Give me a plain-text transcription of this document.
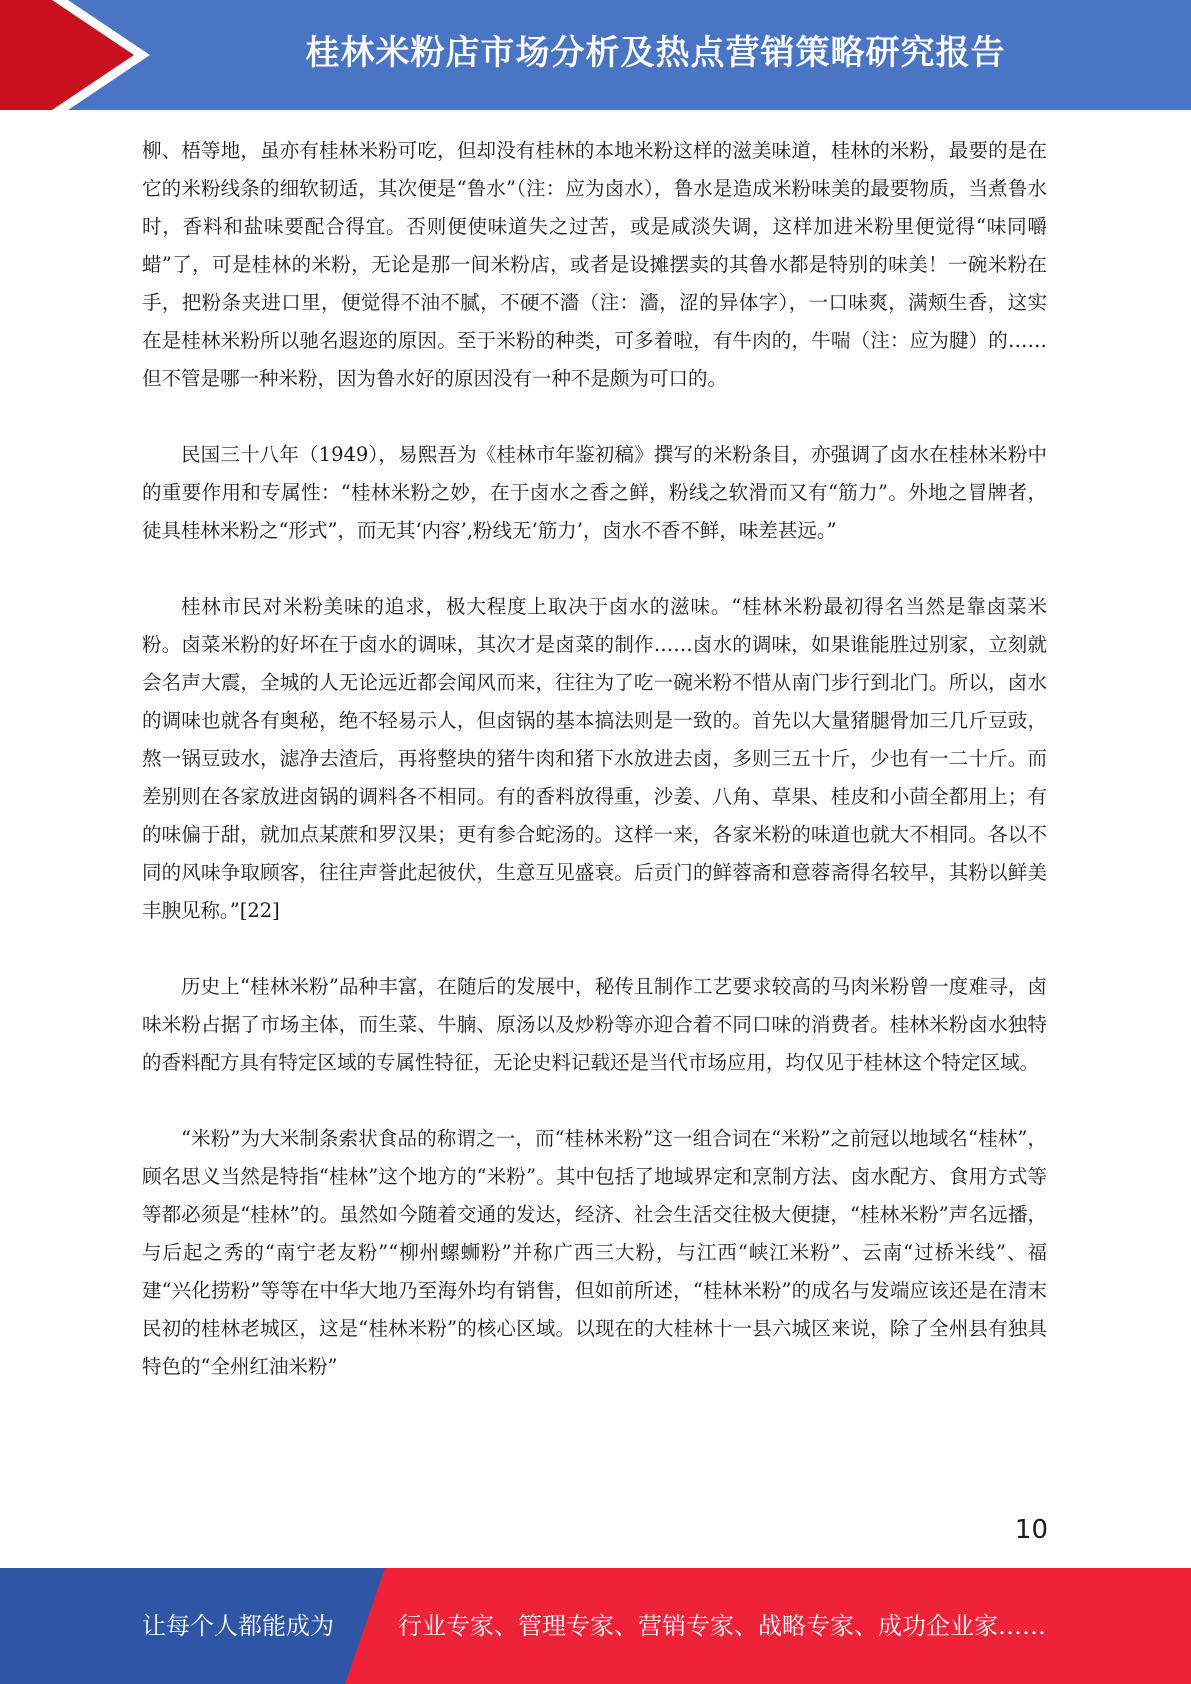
桂林米粉店市场分析及热点营销策略研究报告

柳、梧等地，虽亦有桂林米粉可吃，但却没有桂林的本地米粉这样的滋美味道，桂林的米粉，最要的是在它的米粉线条的细软韧适，其次便是“鲁水”（注：应为卤水），鲁水是造成米粉味美的最要物质，当煮鲁水时，香料和盐味要配合得宜。否则便使味道失之过苦，或是咸淡失调，这样加进米粉里便觉得“味同嚼蜡”了，可是桂林的米粉，无论是那一间米粉店，或者是设摊摆卖的其鲁水都是特别的味美！一碗米粉在手，把粉条夹进口里，便觉得不油不腻，不硬不濇（注：濇，涩的异体字），一口味爽，满颊生香，这实在是桂林米粉所以驰名遐迩的原因。至于米粉的种类，可多着啦，有牛肉的，牛喘（注：应为腱）的……但不管是哪一种米粉，因为鲁水好的原因没有一种不是颇为可口的。

民国三十八年（1949），易熙吾为《桂林市年鉴初稿》撰写的米粉条目，亦强调了卤水在桂林米粉中的重要作用和专属性：“桂林米粉之妙，在于卤水之香之鲜，粉线之软滑而又有“筋力”。外地之冒牌者，徒具桂林米粉之“形式”，而无其‘内容’,粉线无‘筋力’，卤水不香不鲜，味差甚远。”

桂林市民对米粉美味的追求，极大程度上取决于卤水的滋味。“桂林米粉最初得名当然是靠卤菜米粉。卤菜米粉的好坏在于卤水的调味，其次才是卤菜的制作……卤水的调味，如果谁能胜过别家，立刻就会名声大震，全城的人无论远近都会闻风而来，往往为了吃一碗米粉不惜从南门步行到北门。所以，卤水的调味也就各有奥秘，绝不轻易示人，但卤锅的基本搞法则是一致的。首先以大量猪腿骨加三几斤豆豉，熬一锅豆豉水，滤净去渣后，再将整块的猪牛肉和猪下水放进去卤，多则三五十斤，少也有一二十斤。而差别则在各家放进卤锅的调料各不相同。有的香料放得重，沙姜、八角、草果、桂皮和小茴全都用上；有的味偏于甜，就加点某蔗和罗汉果；更有参合蛇汤的。这样一来，各家米粉的味道也就大不相同。各以不同的风味争取顾客，往往声誉此起彼伏，生意互见盛衰。后贡门的鲜蓉斋和意蓉斋得名较早，其粉以鲜美丰腴见称。”[22]

历史上“桂林米粉”品种丰富，在随后的发展中，秘传且制作工艺要求较高的马肉米粉曾一度难寻，卤味米粉占据了市场主体，而生菜、牛腩、原汤以及炒粉等亦迎合着不同口味的消费者。桂林米粉卤水独特的香料配方具有特定区域的专属性特征，无论史料记载还是当代市场应用，均仅见于桂林这个特定区域。

“米粉”为大米制条索状食品的称谓之一，而“桂林米粉”这一组合词在“米粉”之前冠以地域名“桂林”，顾名思义当然是特指“桂林”这个地方的“米粉”。其中包括了地域界定和烹制方法、卤水配方、食用方式等等都必须是“桂林”的。虽然如今随着交通的发达，经济、社会生活交往极大便捷，“桂林米粉”声名远播，与后起之秀的“南宁老友粉”“柳州螺蛳粉”并称广西三大粉，与江西“峡江米粉”、云南“过桥米线”、福建“兴化捞粉”等等在中华大地乃至海外均有销售，但如前所述，“桂林米粉”的成名与发端应该还是在清末民初的桂林老城区，这是“桂林米粉”的核心区域。以现在的大桂林十一县六城区来说，除了全州县有独具特色的“全州红油米粉”

10
让每个人都能成为	行业专家、管理专家、营销专家、战略专家、成功企业家……
